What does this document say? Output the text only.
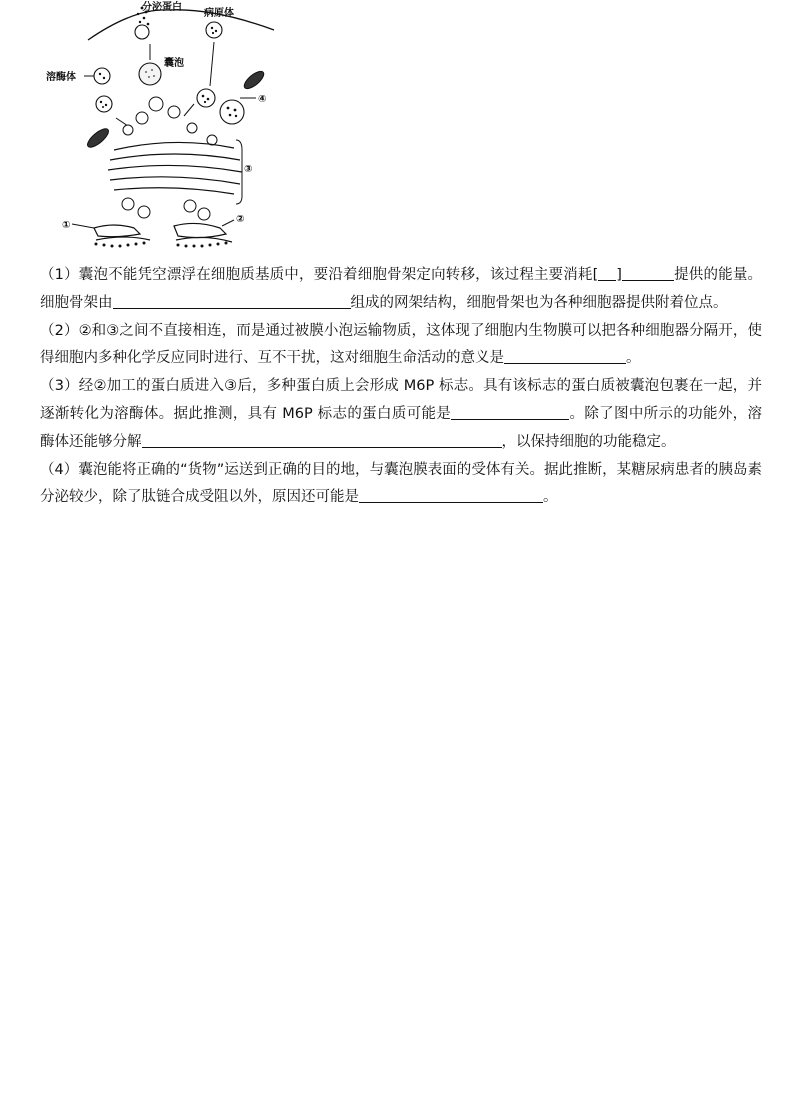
分泌蛋白
病原体
囊泡
溶酶体
④
③
②
①

（1）囊泡不能凭空漂浮在细胞质基质中，要沿着细胞骨架定向转移，该过程主要消耗[ ]	提供的能量。细胞骨架由	组成的网架结构，细胞骨架也为各种细胞器提供附着位点。

（2）②和③之间不直接相连，而是通过被膜小泡运输物质，这体现了细胞内生物膜可以把各种细胞器分隔开，使得细胞内多种化学反应同时进行、互不干扰，这对细胞生命活动的意义是	。

（3）经②加工的蛋白质进入③后，多种蛋白质上会形成 M6P 标志。具有该标志的蛋白质被囊泡包裹在一起，并逐渐转化为溶酶体。据此推测，具有 M6P 标志的蛋白质可能是	。除了图中所示的功能外，溶酶体还能够分解	，以保持细胞的功能稳定。

（4）囊泡能将正确的“货物”运送到正确的目的地，与囊泡膜表面的受体有关。据此推断，某糖尿病患者的胰岛素分泌较少，除了肽链合成受阻以外，原因还可能是	。
